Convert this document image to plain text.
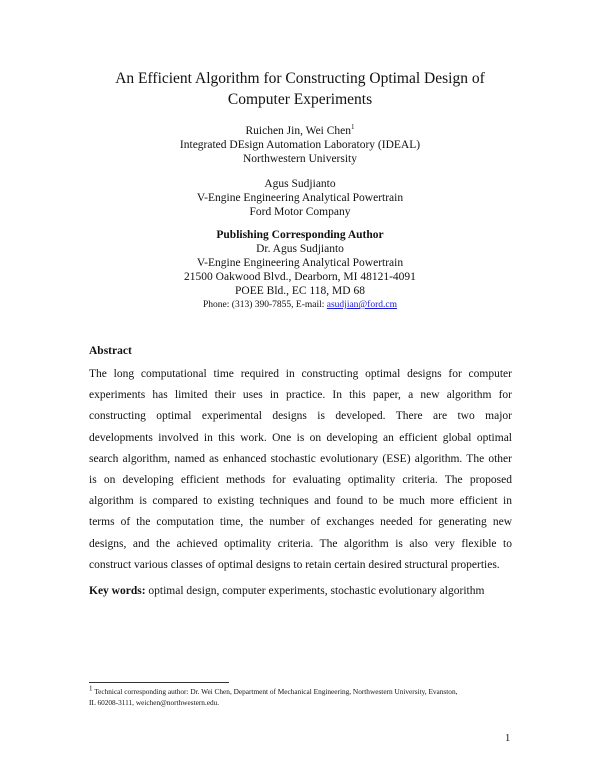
An Efficient Algorithm for Constructing Optimal Design of
Computer Experiments
Ruichen Jin, Wei Chen$^1$
Integrated DEsign Automation Laboratory (IDEAL)
Northwestern University
Agus Sudjianto
V-Engine Engineering Analytical Powertrain
Ford Motor Company
Publishing Corresponding Author
Dr. Agus Sudjianto
V-Engine Engineering Analytical Powertrain
21500 Oakwood Blvd., Dearborn, MI 48121-4091
POEE Bld., EC 118, MD 68
Phone: (313) 390-7855, E-mail: asudjian@ford.cm
Abstract
The long computational time required in constructing optimal designs for computer
experiments has limited their uses in practice. In this paper, a new algorithm for
constructing optimal experimental designs is developed. There are two major
developments involved in this work. One is on developing an efficient global optimal
search algorithm, named as enhanced stochastic evolutionary (ESE) algorithm. The other
is on developing efficient methods for evaluating optimality criteria. The proposed
algorithm is compared to existing techniques and found to be much more efficient in
terms of the computation time, the number of exchanges needed for generating new
designs, and the achieved optimality criteria. The algorithm is also very flexible to
construct various classes of optimal designs to retain certain desired structural properties.
Key words: optimal design, computer experiments, stochastic evolutionary algorithm
$^1$ Technical corresponding author: Dr. Wei Chen, Department of Mechanical Engineering, Northwestern University, Evanston,
IL 60208-3111, weichen@northwestern.edu.
1
